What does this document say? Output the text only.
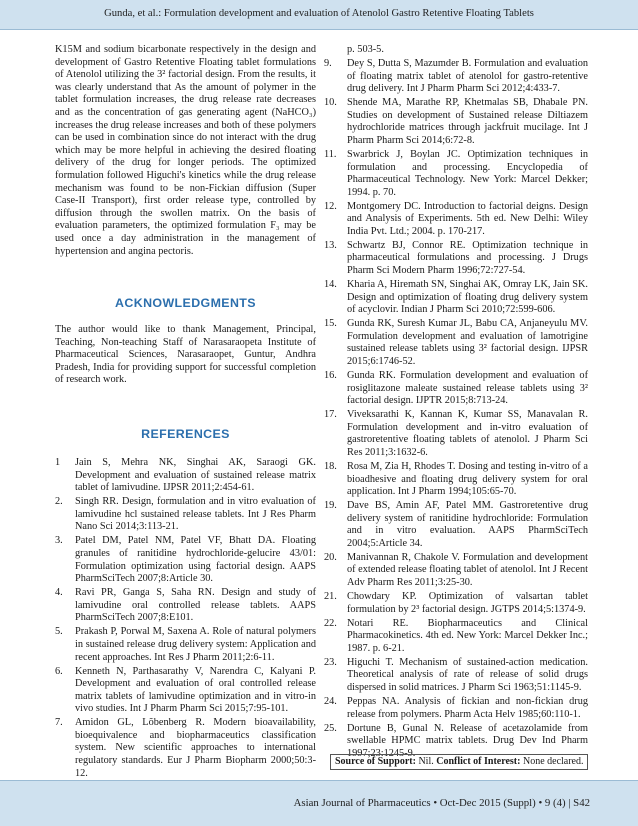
Gunda, et al.: Formulation development and evaluation of Atenolol Gastro Retentive Floating Tablets

K15M and sodium bicarbonate respectively in the design and development of Gastro Retentive Floating tablet formulations of Atenolol utilizing the 3² factorial design. From the results, it was clearly understand that As the amount of polymer in the tablet formulation increases, the drug release rate decreases and as the concentration of gas generating agent (NaHCO₃) increases the drug release increases and both of these polymers can be used in combination since do not interact with the drug which may be more helpful in achieving the desired floating delivery of the drug for longer periods. The optimized formulation followed Higuchi's kinetics while the drug release mechanism was found to be non-Fickian diffusion (Super Case-II Transport), first order release type, controlled by diffusion through the swollen matrix. On the basis of evaluation parameters, the optimized formulation F₃ may be used once a day administration in the management of hypertension and angina pectoris.

ACKNOWLEDGMENTS

The author would like to thank Management, Principal, Teaching, Non-teaching Staff of Narasaraopeta Institute of Pharmaceutical Sciences, Narasaraopet, Guntur, Andhra Pradesh, India for providing support for successful completion of research work.

REFERENCES
1 Jain S, Mehra NK, Singhai AK, Saraogi GK. Development and evaluation of sustained release matrix tablet of lamivudine. IJPSR 2011;2:454-61.
2. Singh RR. Design, formulation and in vitro evaluation of lamivudine hcl sustained release tablets. Int J Res Pharm Nano Sci 2014;3:113-21.
3. Patel DM, Patel NM, Patel VF, Bhatt DA. Floating granules of ranitidine hydrochloride-gelucire 43/01: Formulation optimization using factorial design. AAPS PharmSciTech 2007;8:Article 30.
4. Ravi PR, Ganga S, Saha RN. Design and study of lamivudine oral controlled release tablets. AAPS PharmSciTech 2007;8:E101.
5. Prakash P, Porwal M, Saxena A. Role of natural polymers in sustained release drug delivery system: Application and recent approaches. Int Res J Pharm 2011;2:6-11.
6. Kenneth N, Parthasarathy V, Narendra C, Kalyani P. Development and evaluation of oral controlled release matrix tablets of lamivudine optimization and in vitro-in vivo studies. Int J Pharm Pharm Sci 2015;7:95-101.
7. Amidon GL, Lõbenberg R. Modern bioavailability, bioequivalence and biopharmaceutics classification system. New scientific approaches to international regulatory standards. Eur J Pharm Biopharm 2000;50:3-12.

p. 503-5.

9. Dey S, Dutta S, Mazumder B. Formulation and evaluation of floating matrix tablet of atenolol for gastro-retentive drug delivery. Int J Pharm Pharm Sci 2012;4:433-7.
10. Shende MA, Marathe RP, Khetmalas SB, Dhabale PN. Studies on development of Sustained release Diltiazem hydrochloride matrices through jackfruit mucilage. Int J Pharm Pharm Sci 2014;6:72-8.
11. Swarbrick J, Boylan JC. Optimization techniques in formulation and processing. Encyclopedia of Pharmaceutical Technology. New York: Marcel Dekker; 1994. p. 70.
12. Montgomery DC. Introduction to factorial deigns. Design and Analysis of Experiments. 5th ed. New Delhi: Wiley India Pvt. Ltd.; 2004. p. 170-217.
13. Schwartz BJ, Connor RE. Optimization technique in pharmaceutical formulations and processing. J Drugs Pharm Sci Modern Pharm 1996;72:727-54.
14. Kharia A, Hiremath SN, Singhai AK, Omray LK, Jain SK. Design and optimization of floating drug delivery system of acyclovir. Indian J Pharm Sci 2010;72:599-606.
15. Gunda RK, Suresh Kumar JL, Babu CA, Anjaneyulu MV. Formulation development and evaluation of lamotrigine sustained release tablets using 3² factorial design. IJPSR 2015;6:1746-52.
16. Gunda RK. Formulation development and evaluation of rosiglitazone maleate sustained release tablets using 3² factorial design. IJPTR 2015;8:713-24.
17. Viveksarathi K, Kannan K, Kumar SS, Manavalan R. Formulation development and in-vitro evaluation of gastroretentive floating tablets of atenolol. J Pharm Sci Res 2011;3:1632-6.
18. Rosa M, Zia H, Rhodes T. Dosing and testing in-vitro of a bioadhesive and floating drug delivery system for oral application. Int J Pharm 1994;105:65-70.
19. Dave BS, Amin AF, Patel MM. Gastroretentive drug delivery system of ranitidine hydrochloride: Formulation and in vitro evaluation. AAPS PharmSciTech 2004;5:Article 34.
20. Manivannan R, Chakole V. Formulation and development of extended release floating tablet of atenolol. Int J Recent Adv Pharm Res 2011;3:25-30.
21. Chowdary KP. Optimization of valsartan tablet formulation by 2³ factorial design. JGTPS 2014;5:1374-9.
22. Notari RE. Biopharmaceutics and Clinical Pharmacokinetics. 4th ed. New York: Marcel Dekker Inc.; 1987. p. 6-21.
23. Higuchi T. Mechanism of sustained-action medication. Theoretical analysis of rate of release of solid drugs dispersed in solid matrices. J Pharm Sci 1963;51:1145-9.
24. Peppas NA. Analysis of fickian and non-fickian drug release from polymers. Pharm Acta Helv 1985;60:110-1.
25. Dortune B, Gunal N. Release of acetazolamide from swellable HPMC matrix tablets. Drug Dev Ind Pharm 1997;23:1245-9.
Source of Support: Nil. Conflict of Interest: None declared.
Asian Journal of Pharmaceutics • Oct-Dec 2015 (Suppl) • 9 (4) | S42
